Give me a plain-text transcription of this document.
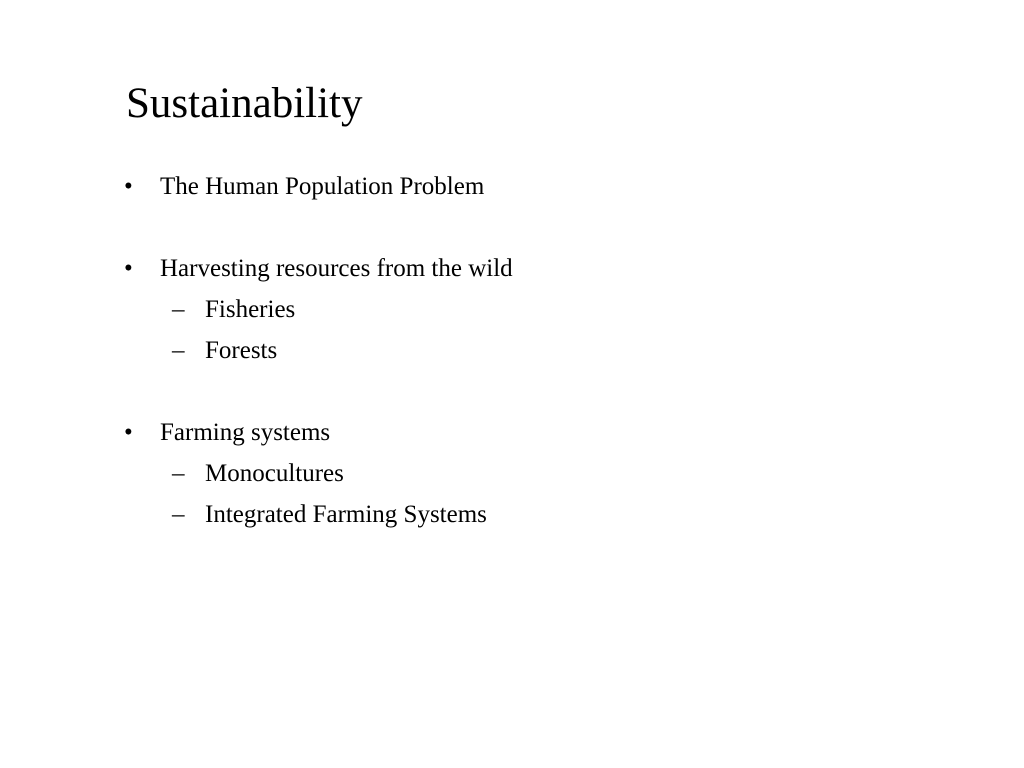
Sustainability
• The Human Population Problem
• Harvesting resources from the wild
– Fisheries
– Forests
• Farming systems
– Monocultures
– Integrated Farming Systems
